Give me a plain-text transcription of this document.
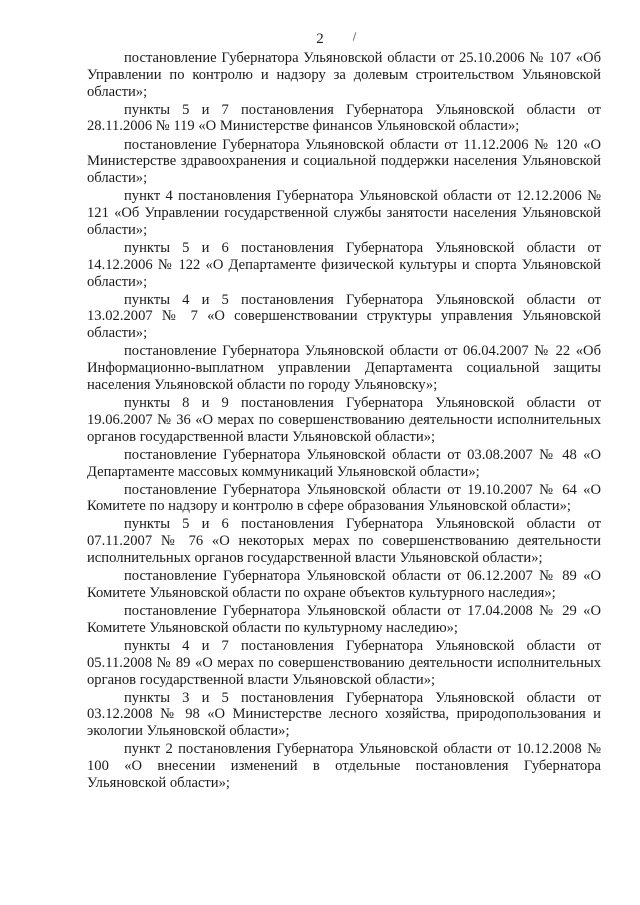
2

постановление Губернатора Ульяновской области от 25.10.2006 № 107 «Об Управлении по контролю и надзору за долевым строительством Ульяновской области»;

пункты 5 и 7 постановления Губернатора Ульяновской области от 28.11.2006 № 119 «О Министерстве финансов Ульяновской области»;

постановление Губернатора Ульяновской области от 11.12.2006 № 120 «О Министерстве здравоохранения и социальной поддержки населения Ульяновской области»;

пункт 4 постановления Губернатора Ульяновской области от 12.12.2006 № 121 «Об Управлении государственной службы занятости населения Ульяновской области»;

пункты 5 и 6 постановления Губернатора Ульяновской области от 14.12.2006 № 122 «О Департаменте физической культуры и спорта Ульяновской области»;

пункты 4 и 5 постановления Губернатора Ульяновской области от 13.02.2007 № 7 «О совершенствовании структуры управления Ульяновской области»;

постановление Губернатора Ульяновской области от 06.04.2007 № 22 «Об Информационно-выплатном управлении Департамента социальной защиты населения Ульяновской области по городу Ульяновску»;

пункты 8 и 9 постановления Губернатора Ульяновской области от 19.06.2007 № 36 «О мерах по совершенствованию деятельности исполнительных органов государственной власти Ульяновской области»;

постановление Губернатора Ульяновской области от 03.08.2007 № 48 «О Департаменте массовых коммуникаций Ульяновской области»;

постановление Губернатора Ульяновской области от 19.10.2007 № 64 «О Комитете по надзору и контролю в сфере образования Ульяновской области»;

пункты 5 и 6 постановления Губернатора Ульяновской области от 07.11.2007 № 76 «О некоторых мерах по совершенствованию деятельности исполнительных органов государственной власти Ульяновской области»;

постановление Губернатора Ульяновской области от 06.12.2007 № 89 «О Комитете Ульяновской области по охране объектов культурного наследия»;

постановление Губернатора Ульяновской области от 17.04.2008 № 29 «О Комитете Ульяновской области по культурному наследию»;

пункты 4 и 7 постановления Губернатора Ульяновской области от 05.11.2008 № 89 «О мерах по совершенствованию деятельности исполнительных органов государственной власти Ульяновской области»;

пункты 3 и 5 постановления Губернатора Ульяновской области от 03.12.2008 № 98 «О Министерстве лесного хозяйства, природопользования и экологии Ульяновской области»;

пункт 2 постановления Губернатора Ульяновской области от 10.12.2008 № 100 «О внесении изменений в отдельные постановления Губернатора Ульяновской области»;
